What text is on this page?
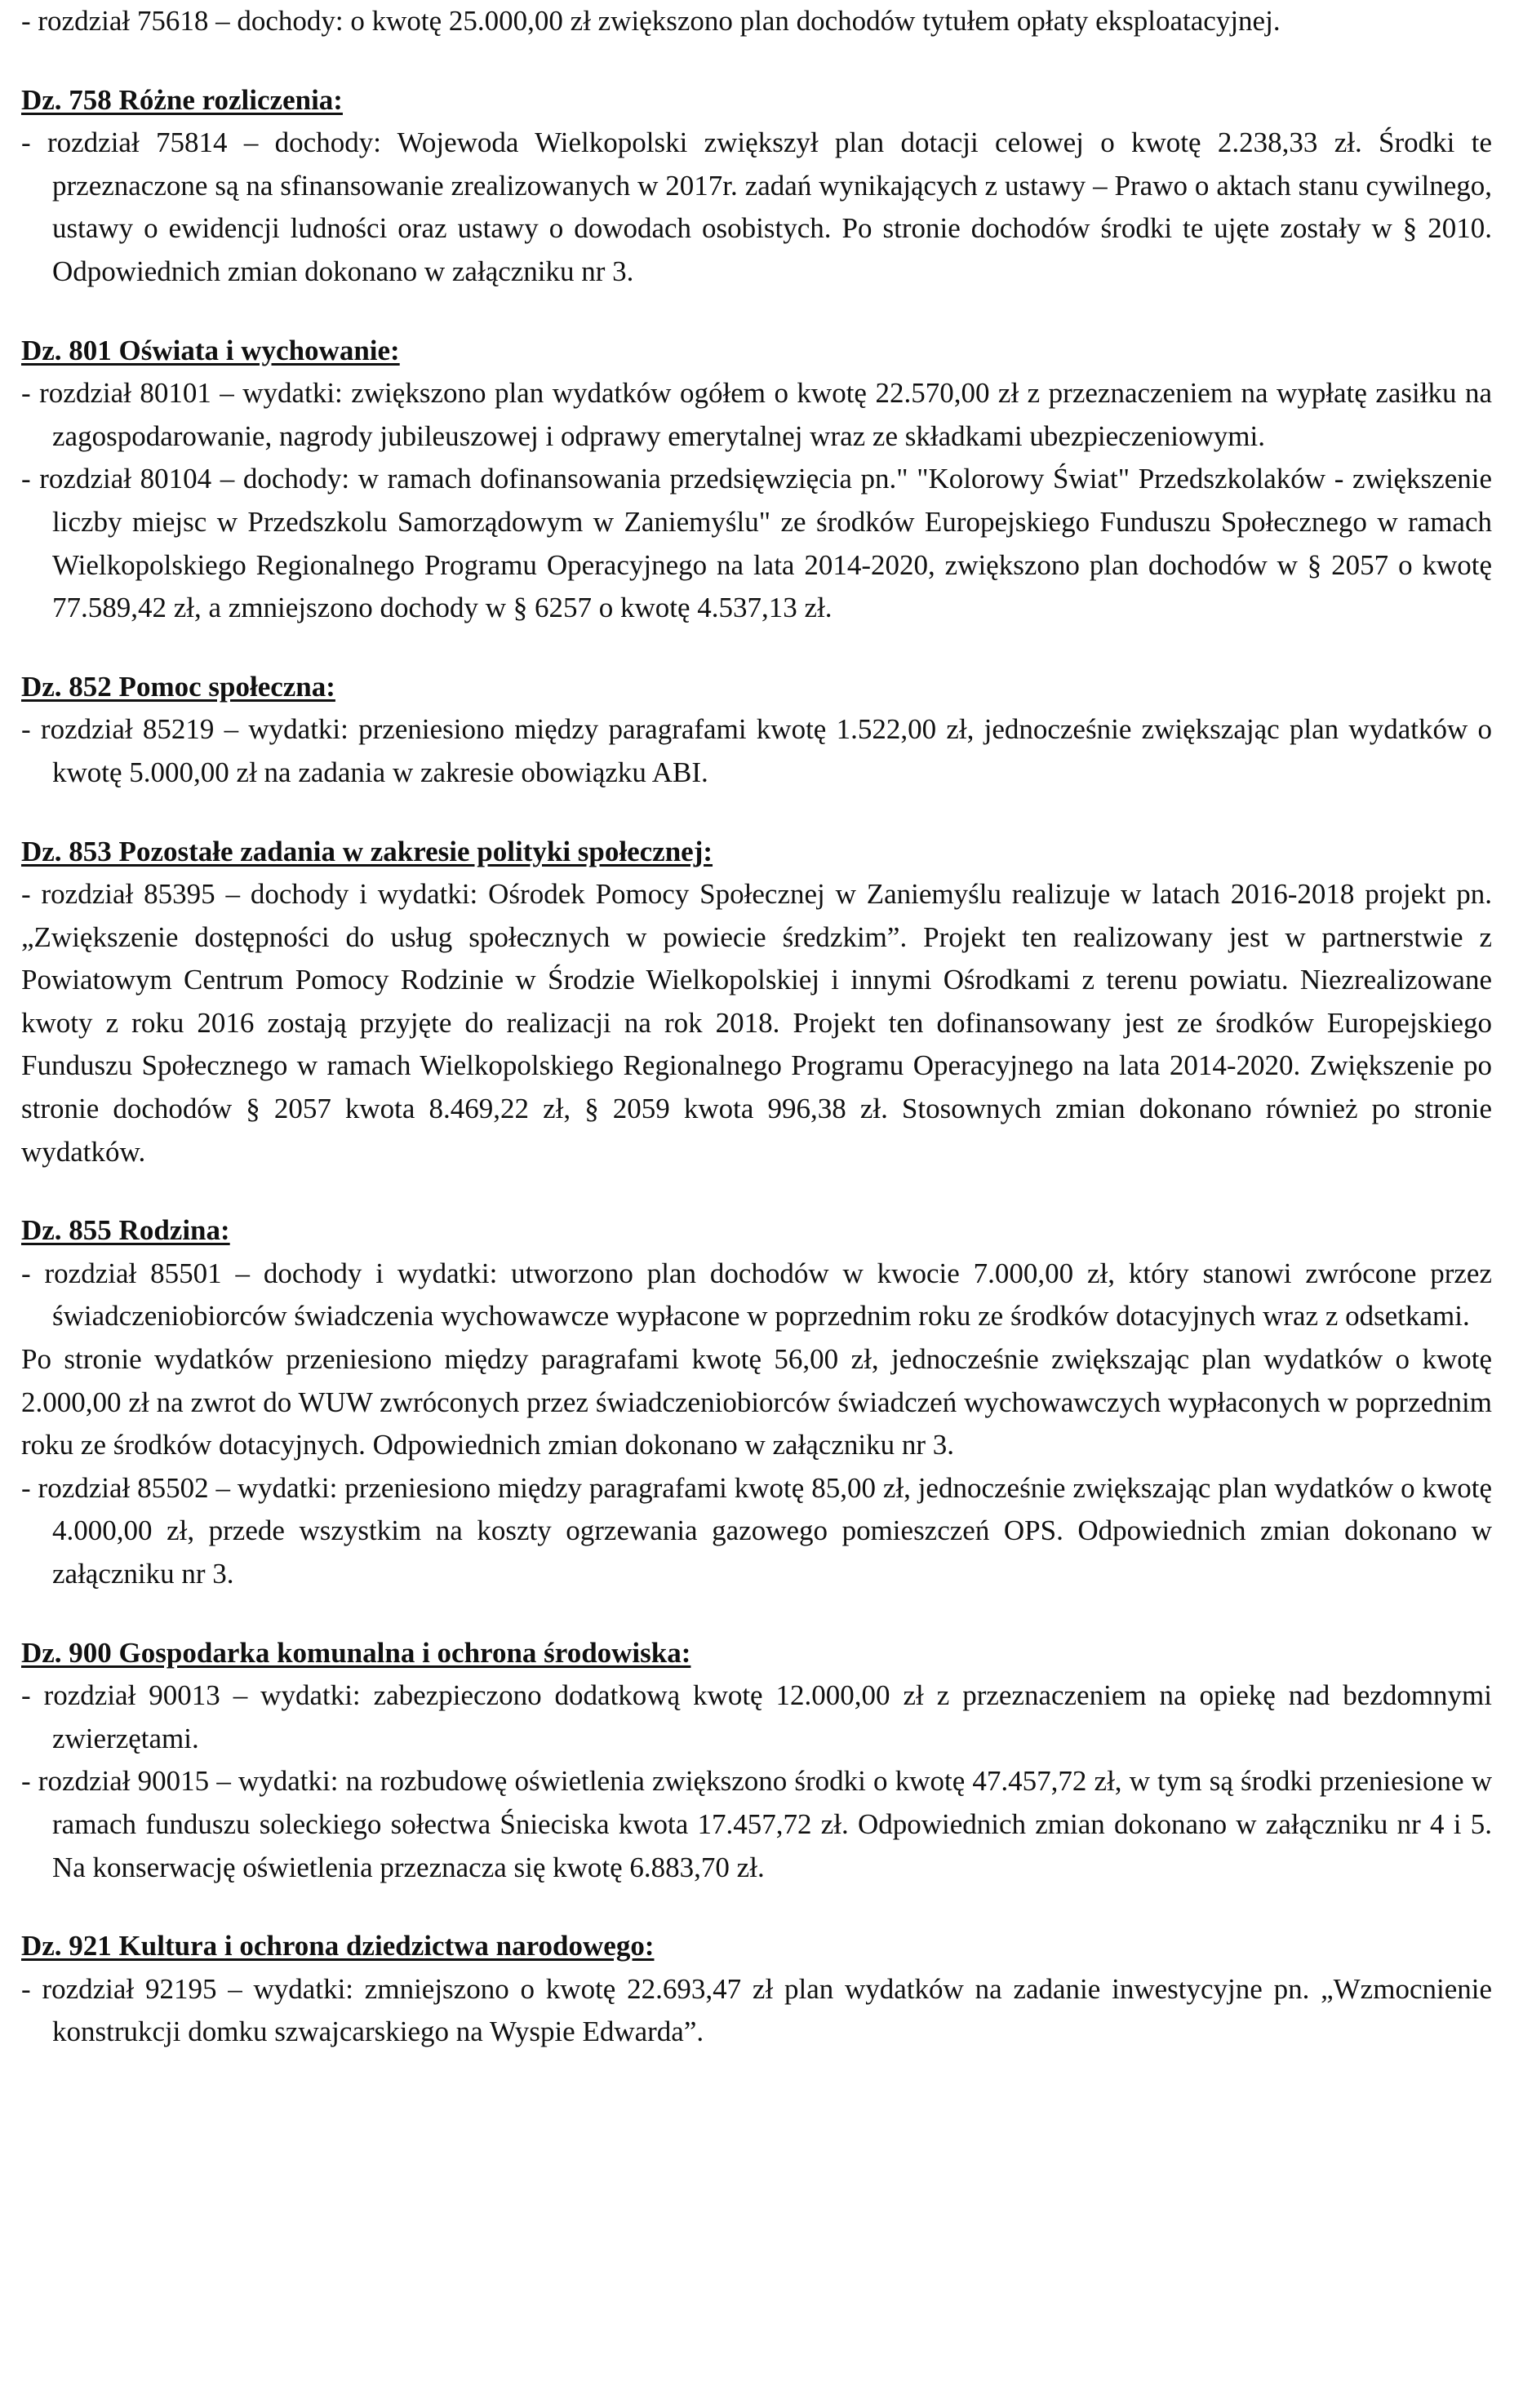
- rozdział 75618 – dochody: o kwotę 25.000,00 zł zwiększono plan dochodów tytułem opłaty eksploatacyjnej.

Dz. 758 Różne rozliczenia:

- rozdział 75814 – dochody: Wojewoda Wielkopolski zwiększył plan dotacji celowej o kwotę 2.238,33 zł. Środki te przeznaczone są na sfinansowanie zrealizowanych w 2017r. zadań wynikających z ustawy – Prawo o aktach stanu cywilnego, ustawy o ewidencji ludności oraz ustawy o dowodach osobistych. Po stronie dochodów środki te ujęte zostały w § 2010. Odpowiednich zmian dokonano w załączniku nr 3.

Dz. 801 Oświata i wychowanie:

- rozdział 80101 – wydatki: zwiększono plan wydatków ogółem o kwotę 22.570,00 zł z przeznaczeniem na wypłatę zasiłku na zagospodarowanie, nagrody jubileuszowej i odprawy emerytalnej wraz ze składkami ubezpieczeniowymi.

- rozdział 80104 – dochody: w ramach dofinansowania przedsięwzięcia pn." "Kolorowy Świat" Przedszkolaków - zwiększenie liczby miejsc w Przedszkolu Samorządowym w Zaniemyślu" ze środków Europejskiego Funduszu Społecznego w ramach Wielkopolskiego Regionalnego Programu Operacyjnego na lata 2014-2020, zwiększono plan dochodów w § 2057 o kwotę 77.589,42 zł, a zmniejszono dochody w § 6257 o kwotę 4.537,13 zł.

Dz. 852 Pomoc społeczna:

- rozdział 85219 – wydatki: przeniesiono między paragrafami kwotę 1.522,00 zł, jednocześnie zwiększając plan wydatków o kwotę 5.000,00 zł na zadania w zakresie obowiązku ABI.

Dz. 853 Pozostałe zadania w zakresie polityki społecznej:

- rozdział 85395 – dochody i wydatki: Ośrodek Pomocy Społecznej w Zaniemyślu realizuje w latach 2016-2018 projekt pn. „Zwiększenie dostępności do usług społecznych w powiecie średzkim”. Projekt ten realizowany jest w partnerstwie z Powiatowym Centrum Pomocy Rodzinie w Środzie Wielkopolskiej i innymi Ośrodkami z terenu powiatu. Niezrealizowane kwoty z roku 2016 zostają przyjęte do realizacji na rok 2018. Projekt ten dofinansowany jest ze środków Europejskiego Funduszu Społecznego w ramach Wielkopolskiego Regionalnego Programu Operacyjnego na lata 2014-2020. Zwiększenie po stronie dochodów § 2057 kwota 8.469,22 zł, § 2059 kwota 996,38 zł. Stosownych zmian dokonano również po stronie wydatków.

Dz. 855 Rodzina:

- rozdział 85501 – dochody i wydatki: utworzono plan dochodów w kwocie 7.000,00 zł, który stanowi zwrócone przez świadczeniobiorców świadczenia wychowawcze wypłacone w poprzednim roku ze środków dotacyjnych wraz z odsetkami.

Po stronie wydatków przeniesiono między paragrafami kwotę 56,00 zł, jednocześnie zwiększając plan wydatków o kwotę 2.000,00 zł na zwrot do WUW zwróconych przez świadczeniobiorców świadczeń wychowawczych wypłaconych w poprzednim roku ze środków dotacyjnych. Odpowiednich zmian dokonano w załączniku nr 3.

- rozdział 85502 – wydatki: przeniesiono między paragrafami kwotę 85,00 zł, jednocześnie zwiększając plan wydatków o kwotę 4.000,00 zł, przede wszystkim na koszty ogrzewania gazowego pomieszczeń OPS. Odpowiednich zmian dokonano w załączniku nr 3.

Dz. 900 Gospodarka komunalna i ochrona środowiska:

- rozdział 90013 – wydatki: zabezpieczono dodatkową kwotę 12.000,00 zł z przeznaczeniem na opiekę nad bezdomnymi zwierzętami.

- rozdział 90015 – wydatki: na rozbudowę oświetlenia zwiększono środki o kwotę 47.457,72 zł, w tym są środki przeniesione w ramach funduszu soleckiego sołectwa Śnieciska kwota 17.457,72 zł. Odpowiednich zmian dokonano w załączniku nr 4 i 5. Na konserwację oświetlenia przeznacza się kwotę 6.883,70 zł.

Dz. 921 Kultura i ochrona dziedzictwa narodowego:

- rozdział 92195 – wydatki: zmniejszono o kwotę 22.693,47 zł plan wydatków na zadanie inwestycyjne pn. „Wzmocnienie konstrukcji domku szwajcarskiego na Wyspie Edwarda”.
